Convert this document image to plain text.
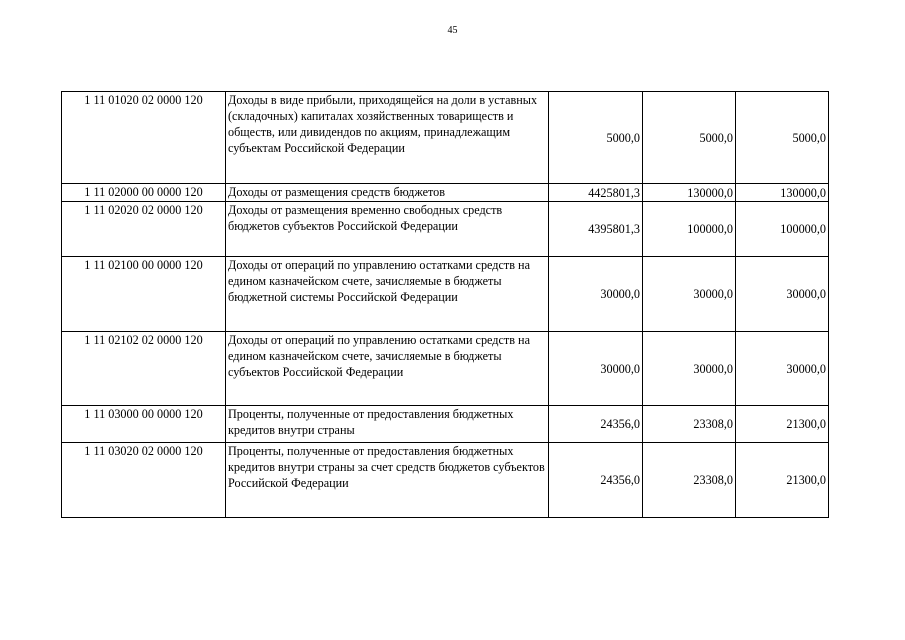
45
1 11 01020 02 0000 120	Доходы в виде прибыли, приходящейся на доли в уставных (складочных) капиталах хозяйственных товариществ и обществ, или дивидендов по акциям, принадлежащим субъектам Российской Федерации	5000,0	5000,0	5000,0
1 11 02000 00 0000 120	Доходы от размещения средств бюджетов	4425801,3	130000,0	130000,0
1 11 02020 02 0000 120	Доходы от размещения временно свободных средств бюджетов субъектов Российской Федерации	4395801,3	100000,0	100000,0
1 11 02100 00 0000 120	Доходы от операций по управлению остатками средств на едином казначейском счете, зачисляемые в бюджеты бюджетной системы Российской Федерации	30000,0	30000,0	30000,0
1 11 02102 02 0000 120	Доходы от операций по управлению остатками средств на едином казначейском счете, зачисляемые в бюджеты субъектов Российской Федерации	30000,0	30000,0	30000,0
1 11 03000 00 0000 120	Проценты, полученные от предоставления бюджетных кредитов внутри страны	24356,0	23308,0	21300,0
1 11 03020 02 0000 120	Проценты, полученные от предоставления бюджетных кредитов внутри страны за счет средств бюджетов субъектов Российской Федерации	24356,0	23308,0	21300,0
